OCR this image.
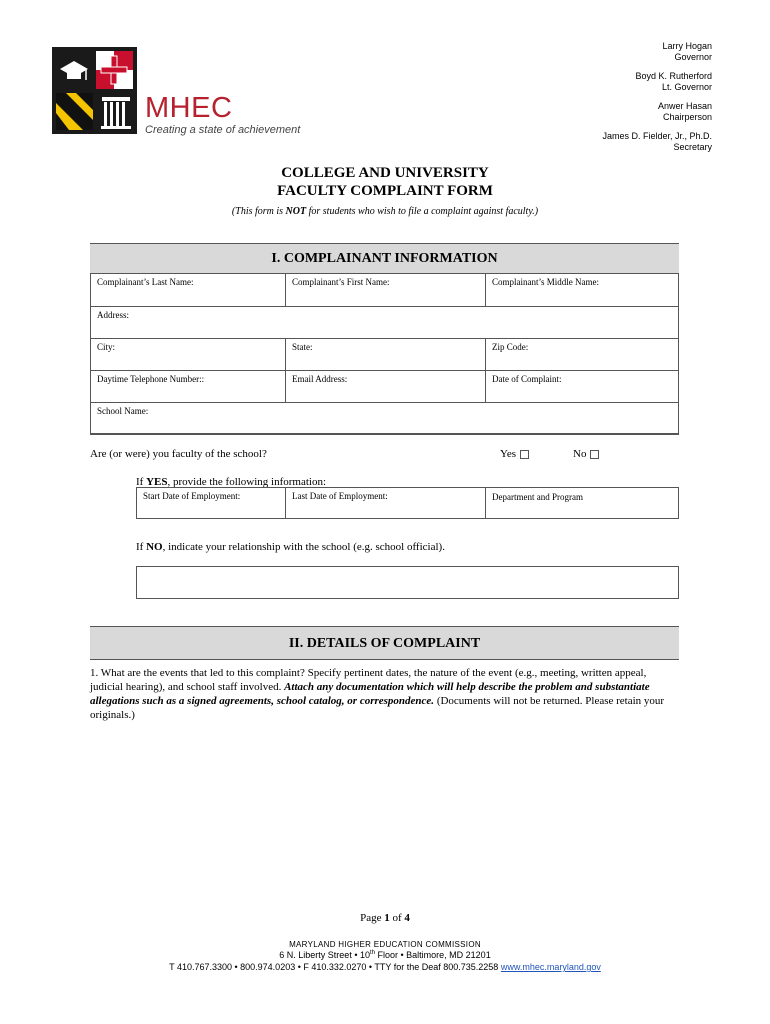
MHEC
Creating a state of achievement
Larry Hogan
Governor
Boyd K. Rutherford
Lt. Governor
Anwer Hasan
Chairperson
James D. Fielder, Jr., Ph.D.
Secretary
COLLEGE AND UNIVERSITY
FACULTY COMPLAINT FORM
(This form is NOT for students who wish to file a complaint against faculty.)
I. COMPLAINANT INFORMATION
Complainant’s Last Name:	Complainant’s First Name:	Complainant’s Middle Name:
Address:
City:	State:	Zip Code:
Daytime Telephone Number::	Email Address:	Date of Complaint:
School Name:
Are (or were) you faculty of the school?	Yes	No
If YES, provide the following information:
Start Date of Employment:	Last Date of Employment:	Department and Program
If NO, indicate your relationship with the school (e.g. school official).
II. DETAILS OF COMPLAINT
1. What are the events that led to this complaint? Specify pertinent dates, the nature of the event (e.g., meeting, written appeal, judicial hearing), and school staff involved. Attach any documentation which will help describe the problem and substantiate allegations such as a signed agreements, school catalog, or correspondence. (Documents will not be returned. Please retain your originals.)
Page 1 of 4
MARYLAND HIGHER EDUCATION COMMISSION
6 N. Liberty Street • 10th Floor • Baltimore, MD 21201
T 410.767.3300 • 800.974.0203 • F 410.332.0270 • TTY for the Deaf 800.735.2258 www.mhec.maryland.gov
